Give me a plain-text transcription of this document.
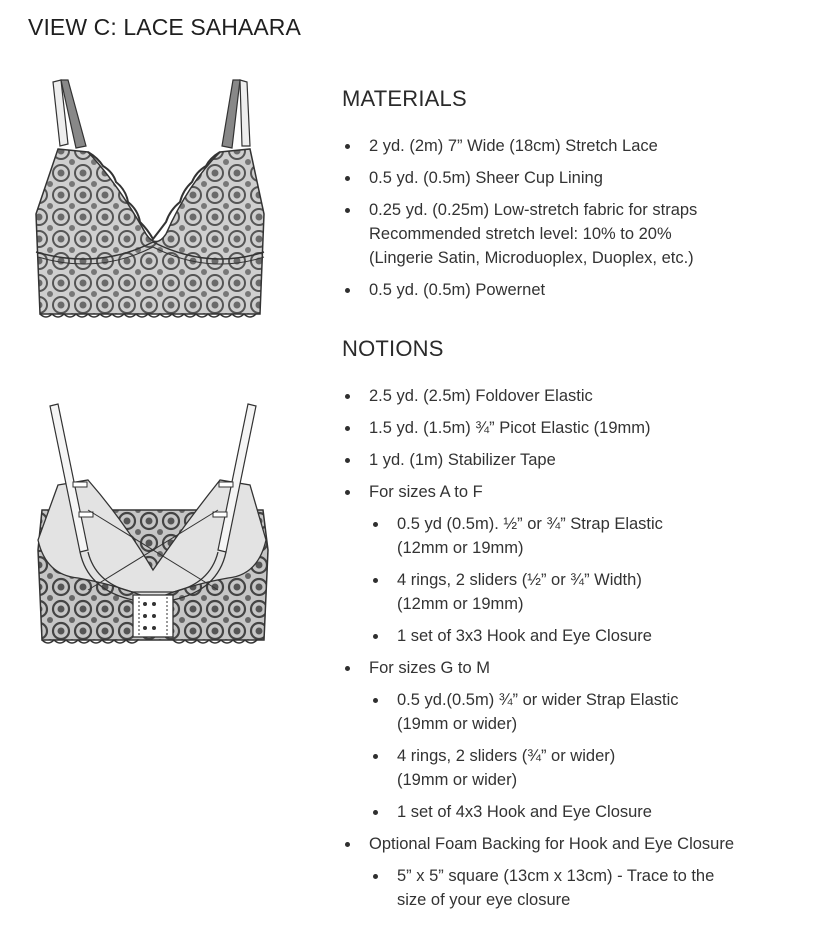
VIEW C: LACE SAHAARA
MATERIALS
2 yd. (2m) 7” Wide (18cm) Stretch Lace
0.5 yd. (0.5m) Sheer Cup Lining
0.25 yd. (0.25m) Low-stretch fabric for straps
Recommended stretch level: 10% to 20%
(Lingerie Satin, Microduoplex, Duoplex, etc.)
0.5 yd. (0.5m) Powernet
NOTIONS
2.5 yd. (2.5m) Foldover Elastic
1.5 yd. (1.5m) ¾” Picot Elastic (19mm)
1 yd. (1m) Stabilizer Tape
For sizes A to F
0.5 yd (0.5m). ½” or ¾” Strap Elastic
(12mm or 19mm)
4 rings, 2 sliders (½” or ¾” Width)
(12mm or 19mm)
1 set of 3x3 Hook and Eye Closure
For sizes G to M
0.5 yd.(0.5m) ¾” or wider Strap Elastic
(19mm or wider)
4 rings, 2 sliders (¾” or wider)
(19mm or wider)
1 set of 4x3 Hook and Eye Closure
Optional Foam Backing for Hook and Eye Closure
5” x 5” square (13cm x 13cm) - Trace to the
size of your eye closure
